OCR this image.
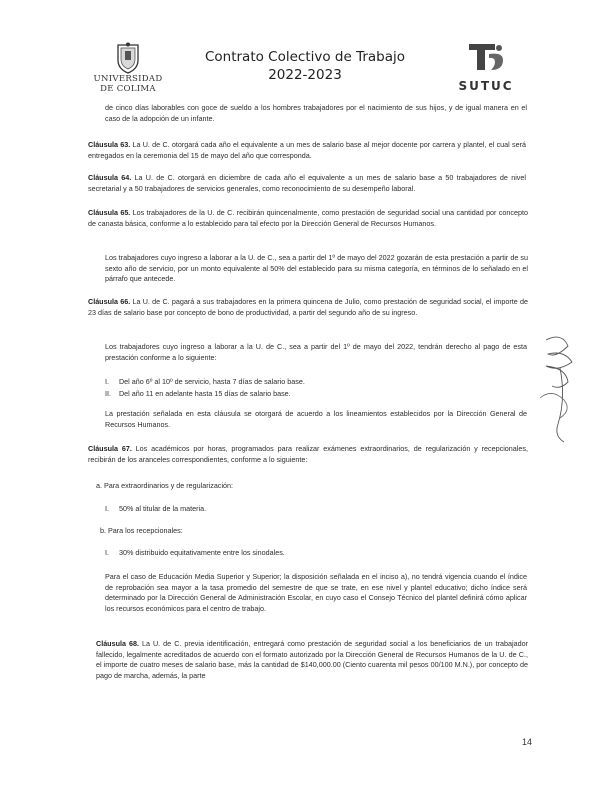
UNIVERSIDAD
DE COLIMA
Contrato Colectivo de Trabajo
2022-2023
SUTUC

de cinco días laborables con goce de sueldo a los hombres trabajadores por el nacimiento de sus hijos, y de igual manera en el caso de la adopción de un infante.

Cláusula 63. La U. de C. otorgará cada año el equivalente a un mes de salario base al mejor docente por carrera y plantel, el cual será entregados en la ceremonia del 15 de mayo del año que corresponda.

Cláusula 64. La U. de C. otorgará en diciembre de cada año el equivalente a un mes de salario base a 50 trabajadores de nivel secretarial y a 50 trabajadores de servicios generales, como reconocimiento de su desempeño laboral.

Cláusula 65. Los trabajadores de la U. de C. recibirán quincenalmente, como prestación de seguridad social una cantidad por concepto de canasta básica, conforme a lo establecido para tal efecto por la Dirección General de Recursos Humanos.

Los trabajadores cuyo ingreso a laborar a la U. de C., sea a partir del 1º de mayo del 2022 gozarán de esta prestación a partir de su sexto año de servicio, por un monto equivalente al 50% del establecido para su misma categoría, en términos de lo señalado en el párrafo que antecede.

Cláusula 66. La U. de C. pagará a sus trabajadores en la primera quincena de Julio, como prestación de seguridad social, el importe de 23 días de salario base por concepto de bono de productividad, a partir del segundo año de su ingreso.

Los trabajadores cuyo ingreso a laborar a la U. de C., sea a partir del 1º de mayo del 2022, tendrán derecho al pago de esta prestación conforme a lo siguiente:

I.     Del año 6º al 10º de servicio, hasta 7 días de salario base.

II.    Del año 11 en adelante hasta 15 días de salario base.

La prestación señalada en esta cláusula se otorgará de acuerdo a los lineamientos establecidos por la Dirección General de Recursos Humanos.

Cláusula 67. Los académicos por horas, programados para realizar exámenes extraordinarios, de regularización y recepcionales, recibirán de los aranceles correspondientes, conforme a lo siguiente:

a. Para extraordinarios y de regularización:

I.     50% al titular de la materia.

b. Para los recepcionales:

I.     30% distribuido equitativamente entre los sinodales.

Para el caso de Educación Media Superior y Superior; la disposición señalada en el inciso a), no tendrá vigencia cuando el índice de reprobación sea mayor a la tasa promedio del semestre de que se trate, en ese nivel y plantel educativo; dicho índice será determinado por la Dirección General de Administración Escolar, en cuyo caso el Consejo Técnico del plantel definirá cómo aplicar los recursos económicos para el centro de trabajo.

Cláusula 68. La U. de C. previa identificación, entregará como prestación de seguridad social a los beneficiarios de un trabajador fallecido, legalmente acreditados de acuerdo con el formato autorizado por la Dirección General de Recursos Humanos de la U. de C., el importe de cuatro meses de salario base, más la cantidad de $140,000.00 (Ciento cuarenta mil pesos 00/100 M.N.), por concepto de pago de marcha, además, la parte

14
